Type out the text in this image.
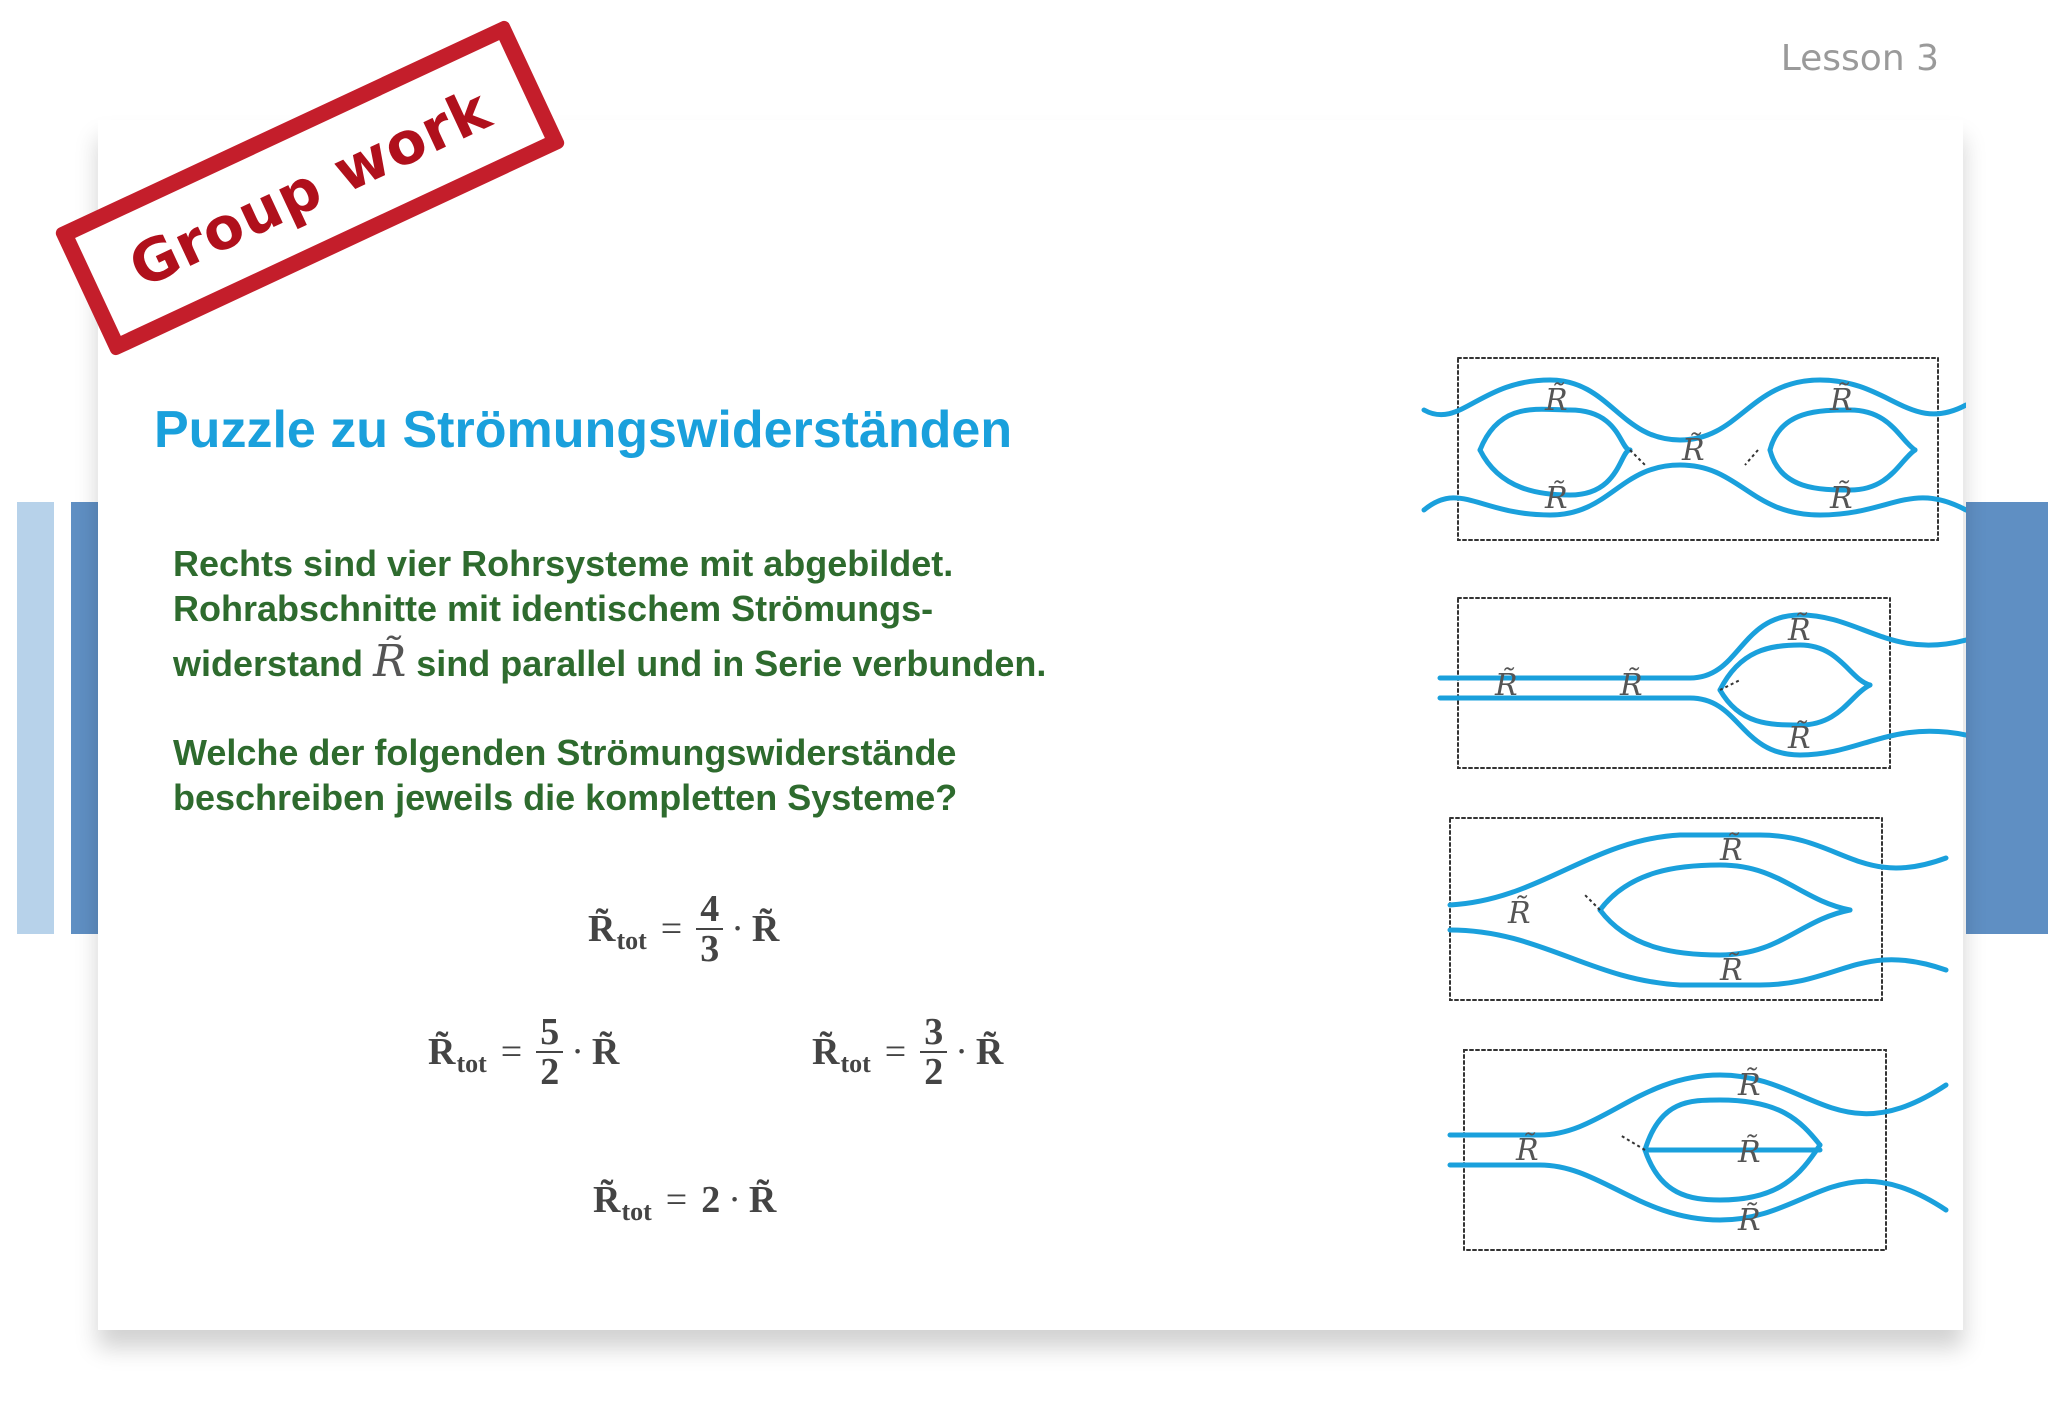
Lesson 3
Group work
Puzzle zu Strömungswiderständen
Rechts sind vier Rohrsysteme mit abgebildet.
Rohrabschnitte mit identischem Strömungs-
widerstand R̃ sind parallel und in Serie verbunden.
Welche der folgenden Strömungswiderstände
beschreiben jeweils die kompletten Systeme?
R̃ tot = $\frac{4}{3}$ · R̃
R̃ tot = $\frac{5}{2}$ · R̃	R̃ tot = $\frac{3}{2}$ · R̃
R̃ tot = 2 · R̃
R̃
R̃
R̃
R̃
R̃
R̃	R̃
R̃
R̃
R̃
R̃
R̃
R̃
R̃
R̃
R̃
